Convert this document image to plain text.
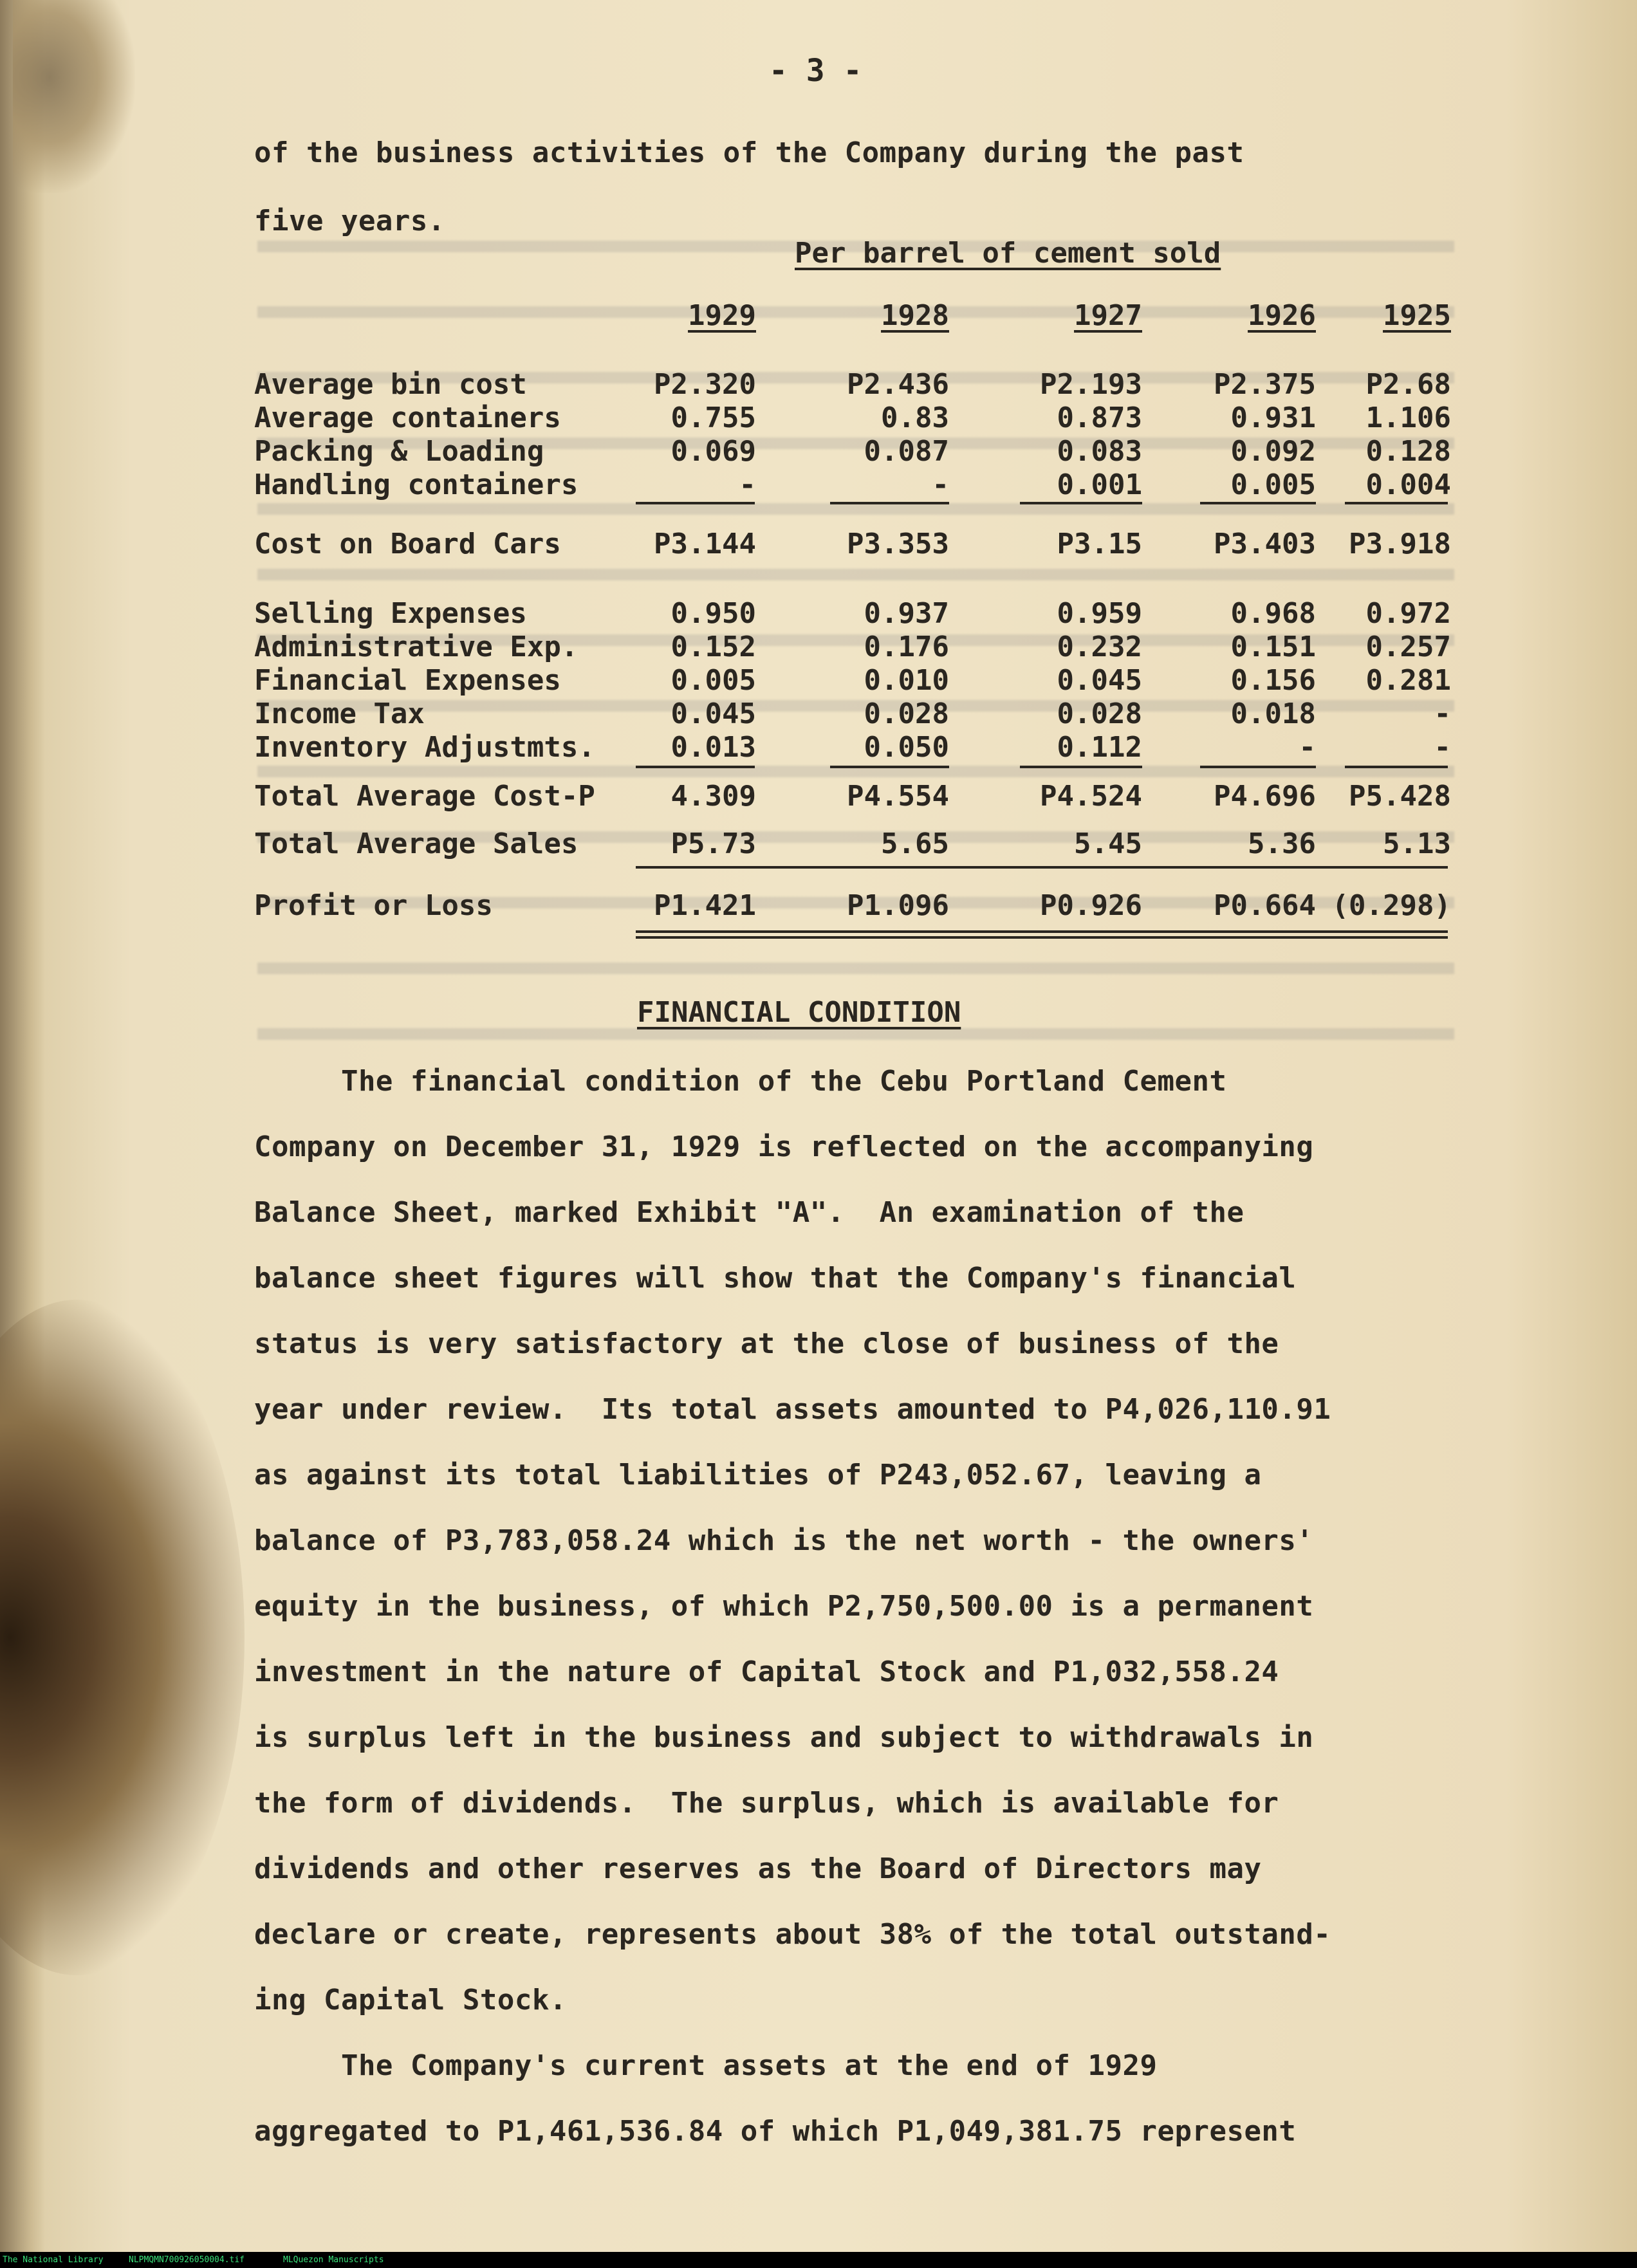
- 3 -

of the business activities of the Company during the past

five years.

Per barrel of cement sold
1929	1928	1927	1926	1925
Average bin cost	P2.320	P2.436	P2.193	P2.375	P2.68
Average containers	0.755	0.83	0.873	0.931	1.106
Packing & Loading	0.069	0.087	0.083	0.092	0.128
Handling containers	-	-	0.001	0.005	0.004
Cost on Board Cars	P3.144	P3.353	P3.15	P3.403	P3.918
Selling Expenses	0.950	0.937	0.959	0.968	0.972
Administrative Exp.	0.152	0.176	0.232	0.151	0.257
Financial Expenses	0.005	0.010	0.045	0.156	0.281
Income Tax	0.045	0.028	0.028	0.018	-
Inventory Adjustmts.	0.013	0.050	0.112	-	-
Total Average Cost-P	4.309	P4.554	P4.524	P4.696	P5.428
Total Average Sales	P5.73	5.65	5.45	5.36	5.13
Profit or Loss	P1.421	P1.096	P0.926	P0.664 (0.298)
FINANCIAL CONDITION

The financial condition of the Cebu Portland Cement

Company on December 31, 1929 is reflected on the accompanying

Balance Sheet, marked Exhibit "A".  An examination of the

balance sheet figures will show that the Company's financial

status is very satisfactory at the close of business of the

year under review.  Its total assets amounted to P4,026,110.91

as against its total liabilities of P243,052.67, leaving a

balance of P3,783,058.24 which is the net worth - the owners'

equity in the business, of which P2,750,500.00 is a permanent

investment in the nature of Capital Stock and P1,032,558.24

is surplus left in the business and subject to withdrawals in

the form of dividends.  The surplus, which is available for

dividends and other reserves as the Board of Directors may

declare or create, represents about 38% of the total outstand-

ing Capital Stock.

The Company's current assets at the end of 1929

aggregated to P1,461,536.84 of which P1,049,381.75 represent

The National Library	NLPMQMN700926050004.tif	MLQuezon Manuscripts
